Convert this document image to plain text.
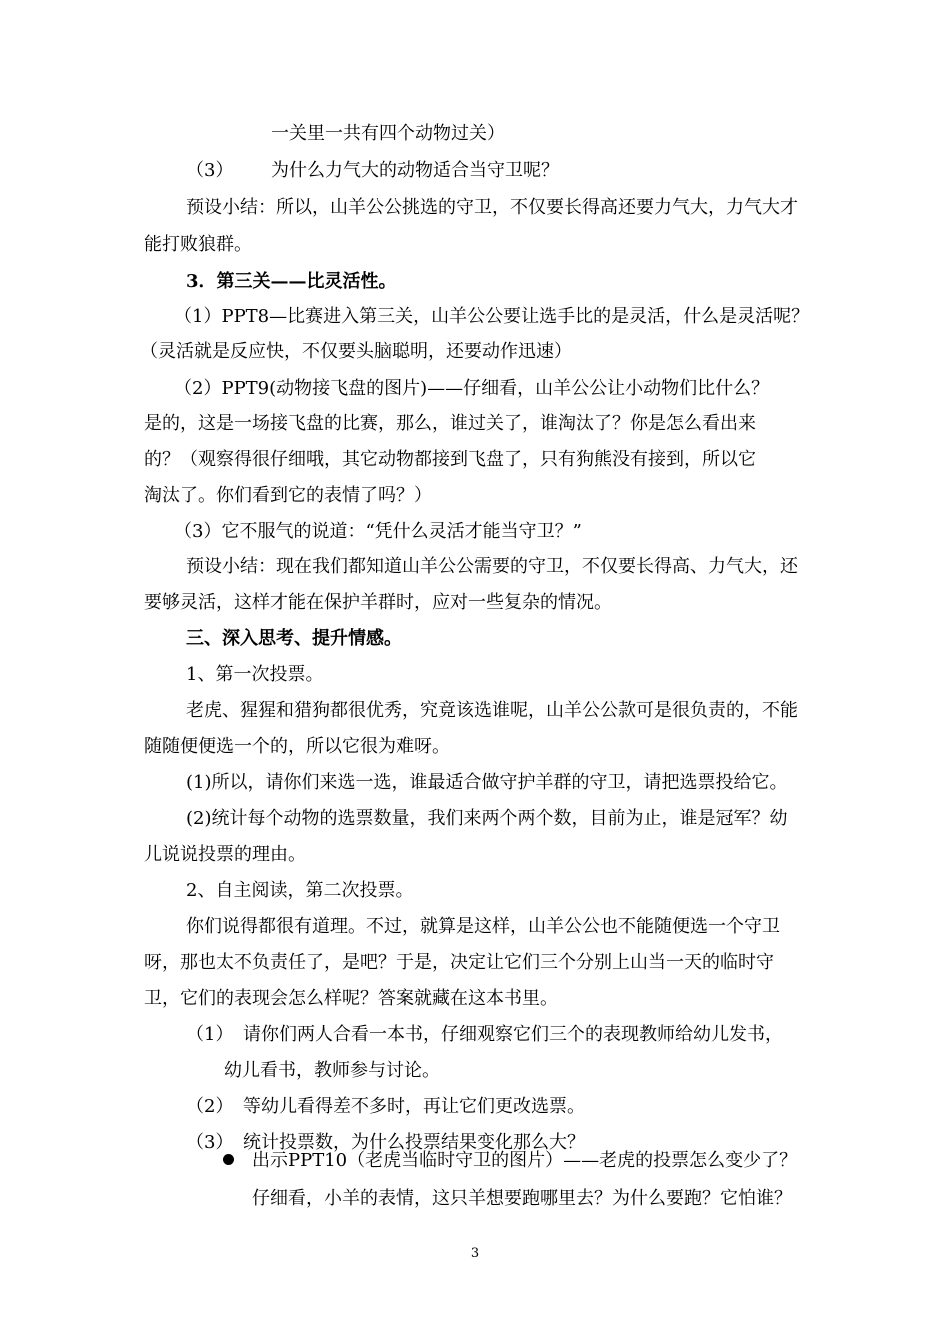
一关里一共有四个动物过关）
（3） 为什么力气大的动物适合当守卫呢？
预设小结：所以，山羊公公挑选的守卫，不仅要长得高还要力气大，力气大才
能打败狼群。
3．第三关——比灵活性。
（1）PPT8—比赛进入第三关，山羊公公要让选手比的是灵活，什么是灵活呢？
（灵活就是反应快，不仅要头脑聪明，还要动作迅速）
（2）PPT9(动物接飞盘的图片)——仔细看，山羊公公让小动物们比什么？
是的，这是一场接飞盘的比赛，那么，谁过关了，谁淘汰了？你是怎么看出来
的？（观察得很仔细哦，其它动物都接到飞盘了，只有狗熊没有接到，所以它
淘汰了。你们看到它的表情了吗？）
（3）它不服气的说道：“凭什么灵活才能当守卫？”
预设小结：现在我们都知道山羊公公需要的守卫，不仅要长得高、力气大，还
要够灵活，这样才能在保护羊群时，应对一些复杂的情况。
三、深入思考、提升情感。
1、第一次投票。
老虎、猩猩和猎狗都很优秀，究竟该选谁呢，山羊公公款可是很负责的，不能
随随便便选一个的，所以它很为难呀。
(1)所以，请你们来选一选，谁最适合做守护羊群的守卫，请把选票投给它。
(2)统计每个动物的选票数量，我们来两个两个数，目前为止，谁是冠军？幼
儿说说投票的理由。
2、自主阅读，第二次投票。
你们说得都很有道理。不过，就算是这样，山羊公公也不能随便选一个守卫
呀，那也太不负责任了，是吧？于是，决定让它们三个分别上山当一天的临时守
卫，它们的表现会怎么样呢？答案就藏在这本书里。
（1） 请你们两人合看一本书，仔细观察它们三个的表现教师给幼儿发书，
幼儿看书，教师参与讨论。
（2） 等幼儿看得差不多时，再让它们更改选票。
（3） 统计投票数，为什么投票结果变化那么大？
出示PPT10（老虎当临时守卫的图片）——老虎的投票怎么变少了？
仔细看，小羊的表情，这只羊想要跑哪里去？为什么要跑？它怕谁？
3
